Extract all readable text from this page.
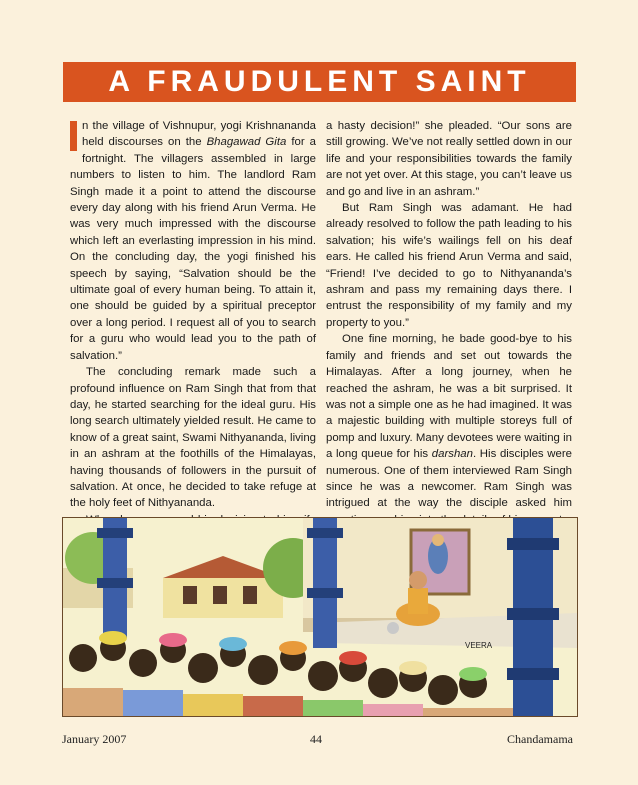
A FRAUDULENT SAINT

n the village of Vishnupur, yogi Krishnananda held discourses on the Bhagawad Gita for a fortnight. The villagers assembled in large numbers to listen to him. The landlord Ram Singh made it a point to attend the discourse every day along with his friend Arun Verma. He was very much impressed with the discourse which left an everlasting impression in his mind. On the concluding day, the yogi finished his speech by saying, “Salvation should be the ultimate goal of every human being. To attain it, one should be guided by a spiritual preceptor over a long period. I request all of you to search for a guru who would lead you to the path of salvation.”

The concluding remark made such a profound influence on Ram Singh that from that day, he started searching for the ideal guru. His long search ultimately yielded result. He came to know of a great saint, Swami Nithyananda, living in an ashram at the foothills of the Himalayas, having thousands of followers in the pursuit of salvation. At once, he decided to take refuge at the holy feet of Nithyananda.

a hasty decision!” she pleaded. “Our sons are still growing. We’ve not really settled down in our life and your responsibilities towards the family are not yet over. At this stage, you can’t leave us and go and live in an ashram.”

But Ram Singh was adamant. He had already resolved to follow the path leading to his salvation; his wife’s wailings fell on his deaf ears. He called his friend Arun Verma and said, “Friend! I’ve decided to go to Nithyananda’s ashram and pass my remaining days there. I entrust the responsibility of my family and my property to you.”

One fine morning, he bade good-bye to his family and friends and set out towards the Himalayas. After a long journey, when he reached the ashram, he was a bit surprised. It was not a simple one as he had imagined. It was a majestic building with multiple storeys full of pomp and luxury. Many devotees were waiting in a long queue for his darshan. His disciples were numerous. One of them interviewed Ram Singh since he was a newcomer. Ram Singh was intrigued at the way the disciple asked him

VEERA
January 2007	44	Chandamama
